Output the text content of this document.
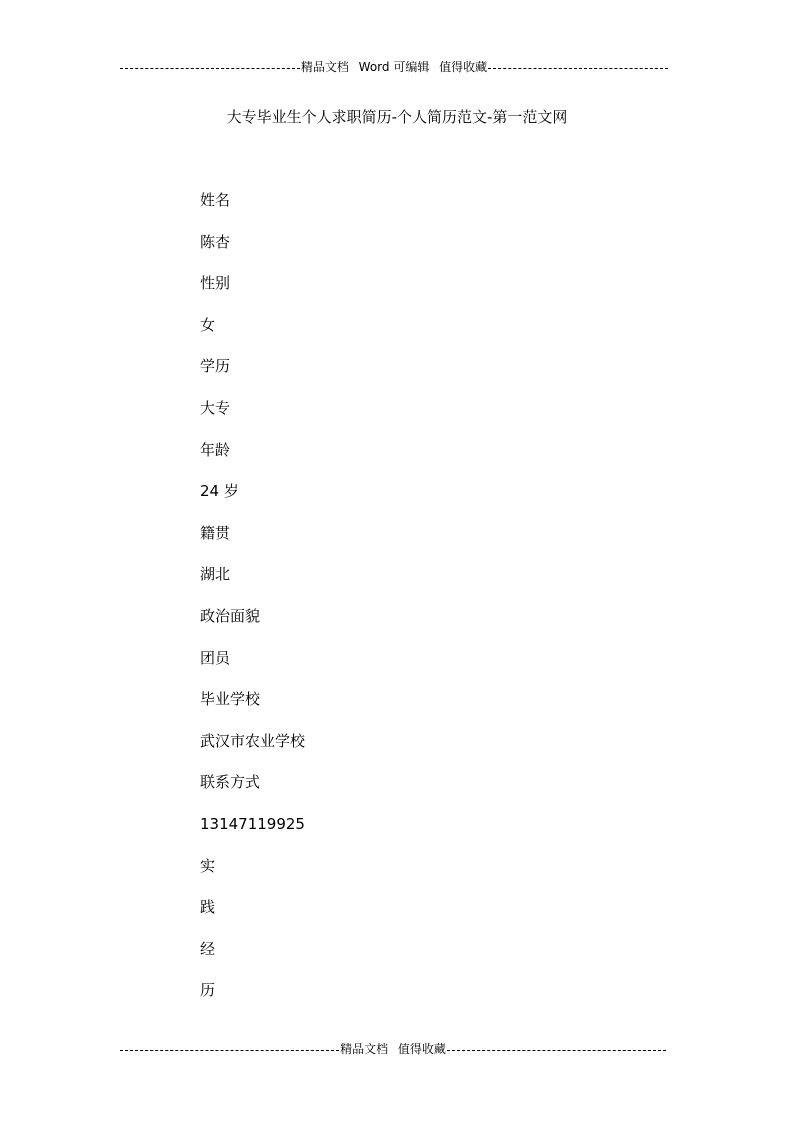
精品文档 Word 可编辑 值得收藏
大专毕业生个人求职简历-个人简历范文-第一范文网
姓名
陈杏
性别
女
学历
大专
年龄
24 岁
籍贯
湖北
政治面貌
团员
毕业学校
武汉市农业学校
联系方式
13147119925
实
践
经
历
精品文档 值得收藏
